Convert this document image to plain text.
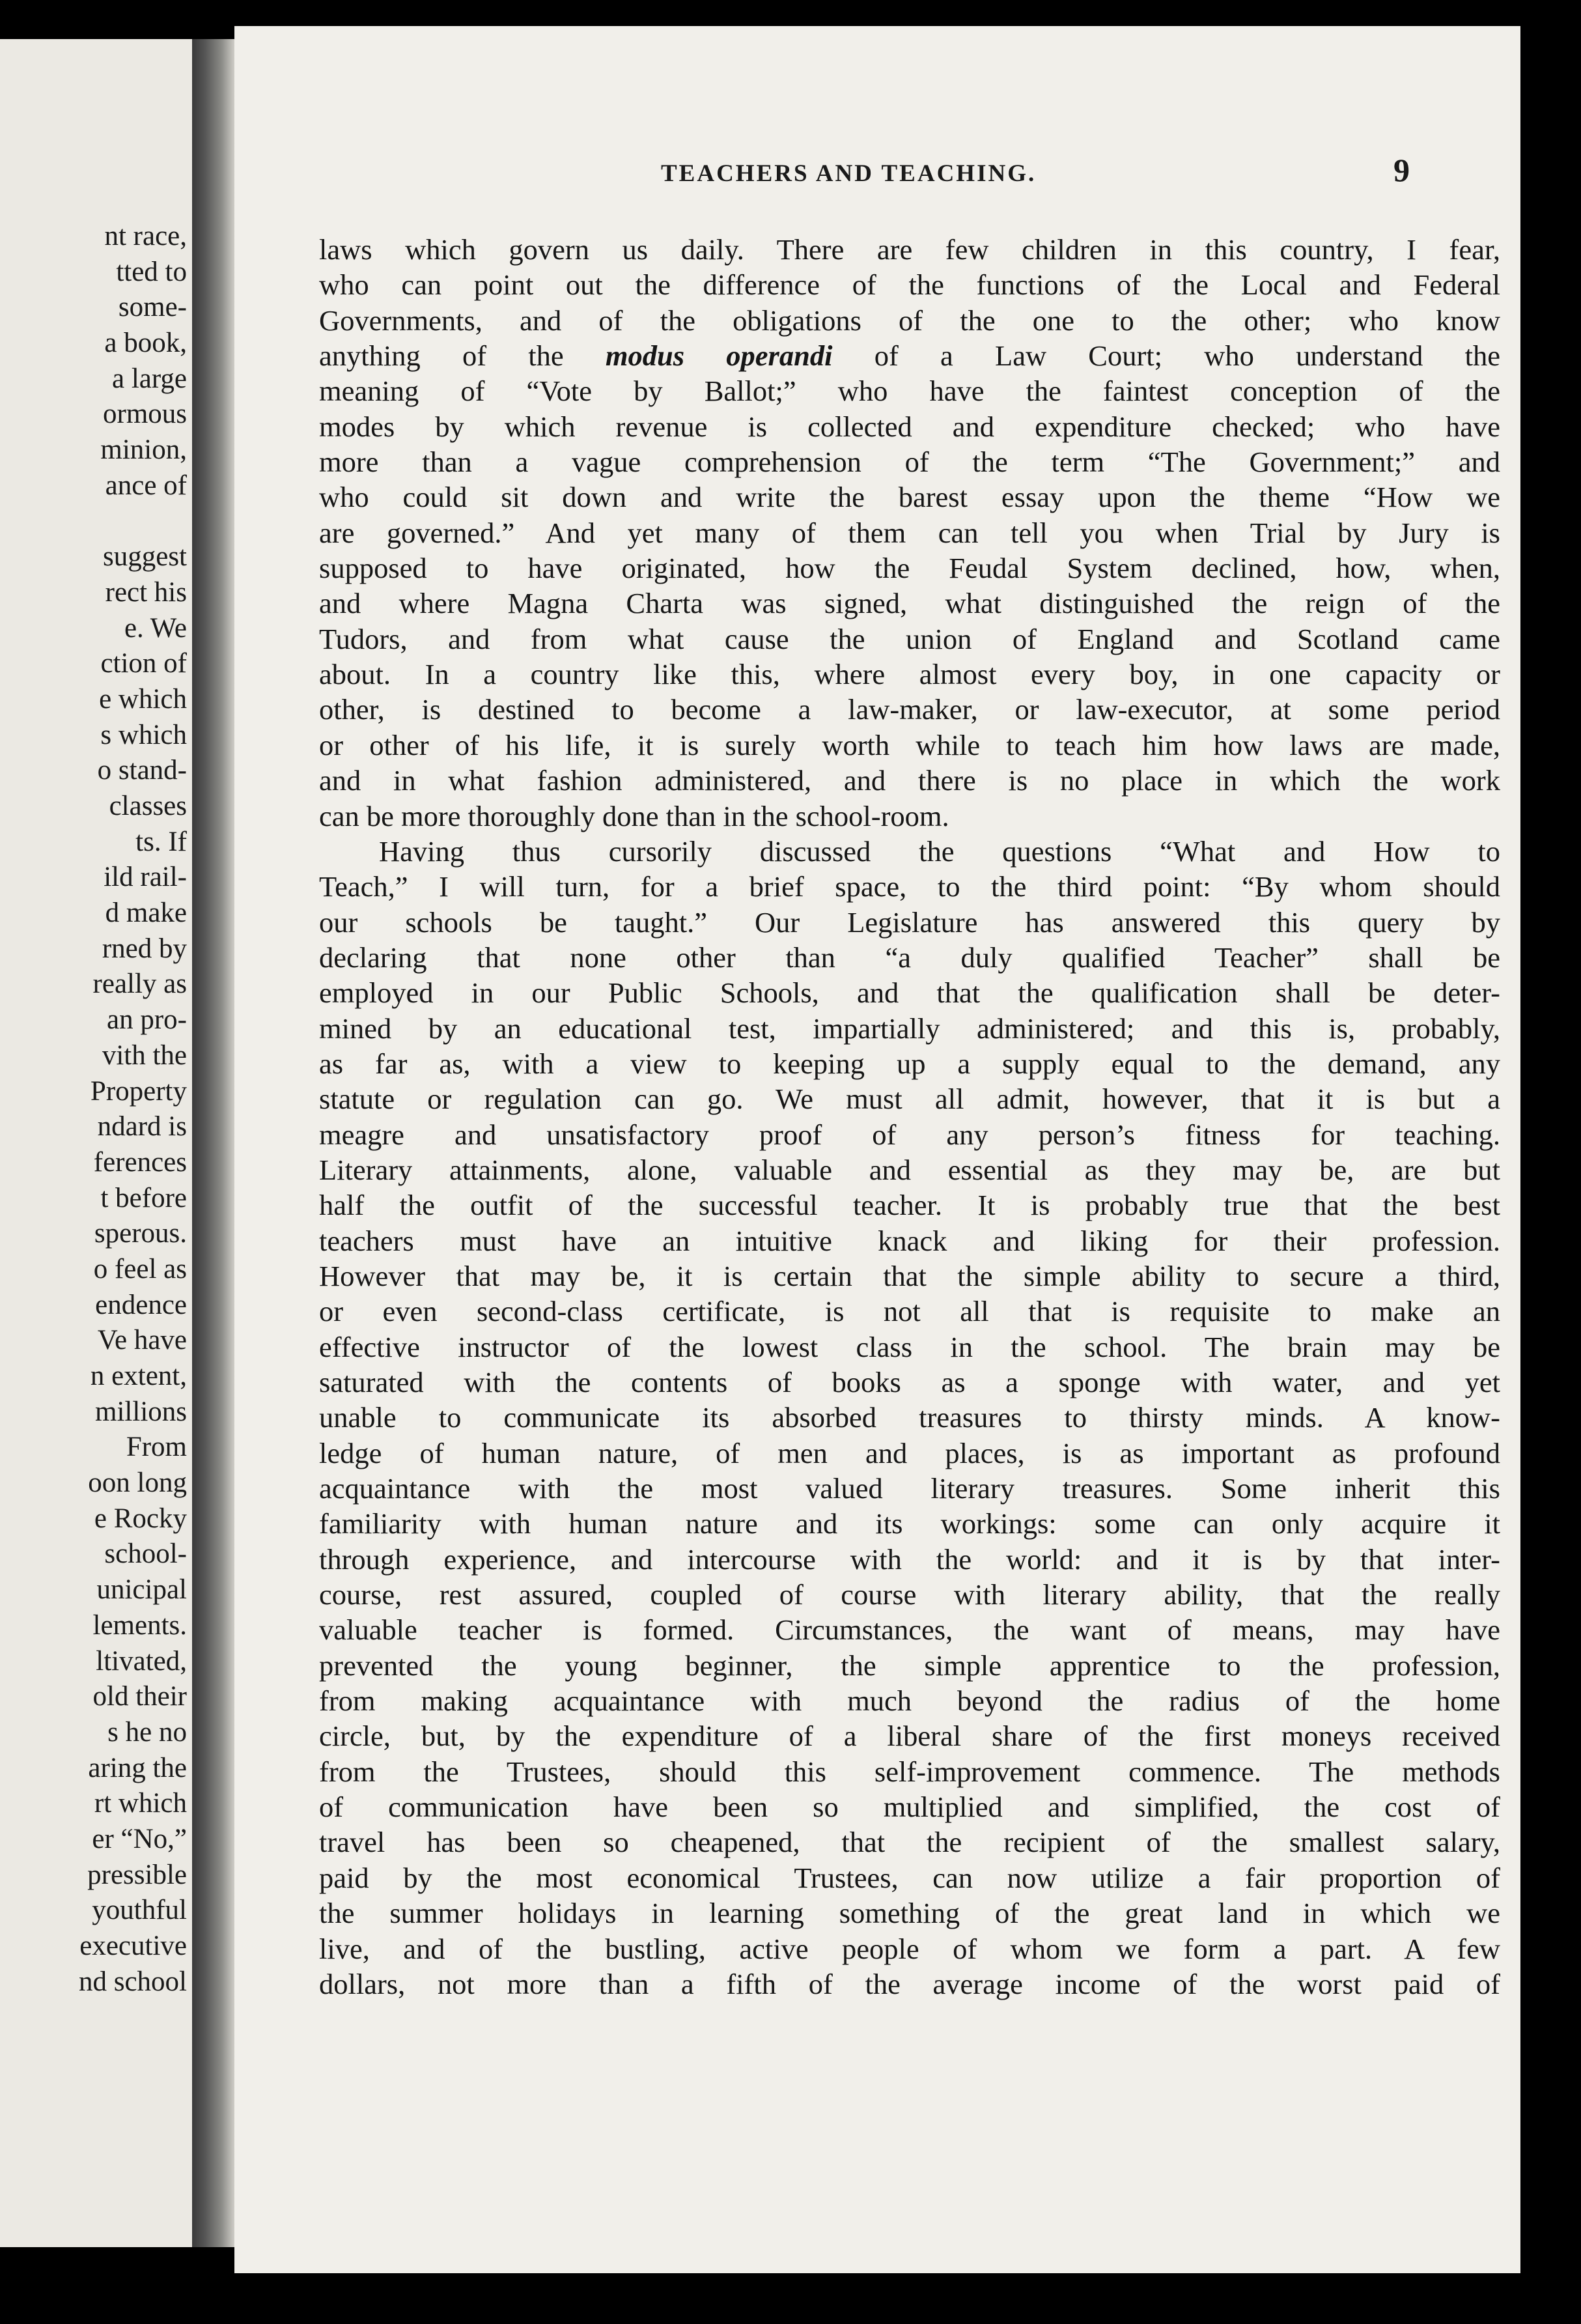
nt race,
tted to
some-
a book,
a large
ormous
minion,
ance of
suggest
rect his
e. We
ction of
e which
s which
o stand-
classes
ts. If
ild rail-
d make
rned by
really as
an pro-
vith the
Property
ndard is
ferences
t before
sperous.
o feel as
endence
Ve have
n extent,
millions
From
oon long
e Rocky
school-
unicipal
lements.
ltivated,
old their
s he no
aring the
rt which
er “No,”
pressible
youthful
executive
nd school
TEACHERS AND TEACHING.	9
laws which govern us daily. There are few children in this country, I fear,
who can point out the difference of the functions of the Local and Federal
Governments, and of the obligations of the one to the other; who know
anything of the modus operandi of a Law Court; who understand the
meaning of “Vote by Ballot;” who have the faintest conception of the
modes by which revenue is collected and expenditure checked; who have
more than a vague comprehension of the term “The Government;” and
who could sit down and write the barest essay upon the theme “How we
are governed.” And yet many of them can tell you when Trial by Jury is
supposed to have originated, how the Feudal System declined, how, when,
and where Magna Charta was signed, what distinguished the reign of the
Tudors, and from what cause the union of England and Scotland came
about. In a country like this, where almost every boy, in one capacity or
other, is destined to become a law-maker, or law-executor, at some period
or other of his life, it is surely worth while to teach him how laws are made,
and in what fashion administered, and there is no place in which the work
can be more thoroughly done than in the school-room.
Having thus cursorily discussed the questions “What and How to
Teach,” I will turn, for a brief space, to the third point: “By whom should
our schools be taught.” Our Legislature has answered this query by
declaring that none other than “a duly qualified Teacher” shall be
employed in our Public Schools, and that the qualification shall be deter-
mined by an educational test, impartially administered; and this is, probably,
as far as, with a view to keeping up a supply equal to the demand, any
statute or regulation can go. We must all admit, however, that it is but a
meagre and unsatisfactory proof of any person’s fitness for teaching.
Literary attainments, alone, valuable and essential as they may be, are but
half the outfit of the successful teacher. It is probably true that the best
teachers must have an intuitive knack and liking for their profession.
However that may be, it is certain that the simple ability to secure a third,
or even second-class certificate, is not all that is requisite to make an
effective instructor of the lowest class in the school. The brain may be
saturated with the contents of books as a sponge with water, and yet
unable to communicate its absorbed treasures to thirsty minds. A know-
ledge of human nature, of men and places, is as important as profound
acquaintance with the most valued literary treasures. Some inherit this
familiarity with human nature and its workings: some can only acquire it
through experience, and intercourse with the world: and it is by that inter-
course, rest assured, coupled of course with literary ability, that the really
valuable teacher is formed. Circumstances, the want of means, may have
prevented the young beginner, the simple apprentice to the profession,
from making acquaintance with much beyond the radius of the home
circle, but, by the expenditure of a liberal share of the first moneys received
from the Trustees, should this self-improvement commence. The methods
of communication have been so multiplied and simplified, the cost of
travel has been so cheapened, that the recipient of the smallest salary,
paid by the most economical Trustees, can now utilize a fair proportion of
the summer holidays in learning something of the great land in which we
live, and of the bustling, active people of whom we form a part. A few
dollars, not more than a fifth of the average income of the worst paid of
